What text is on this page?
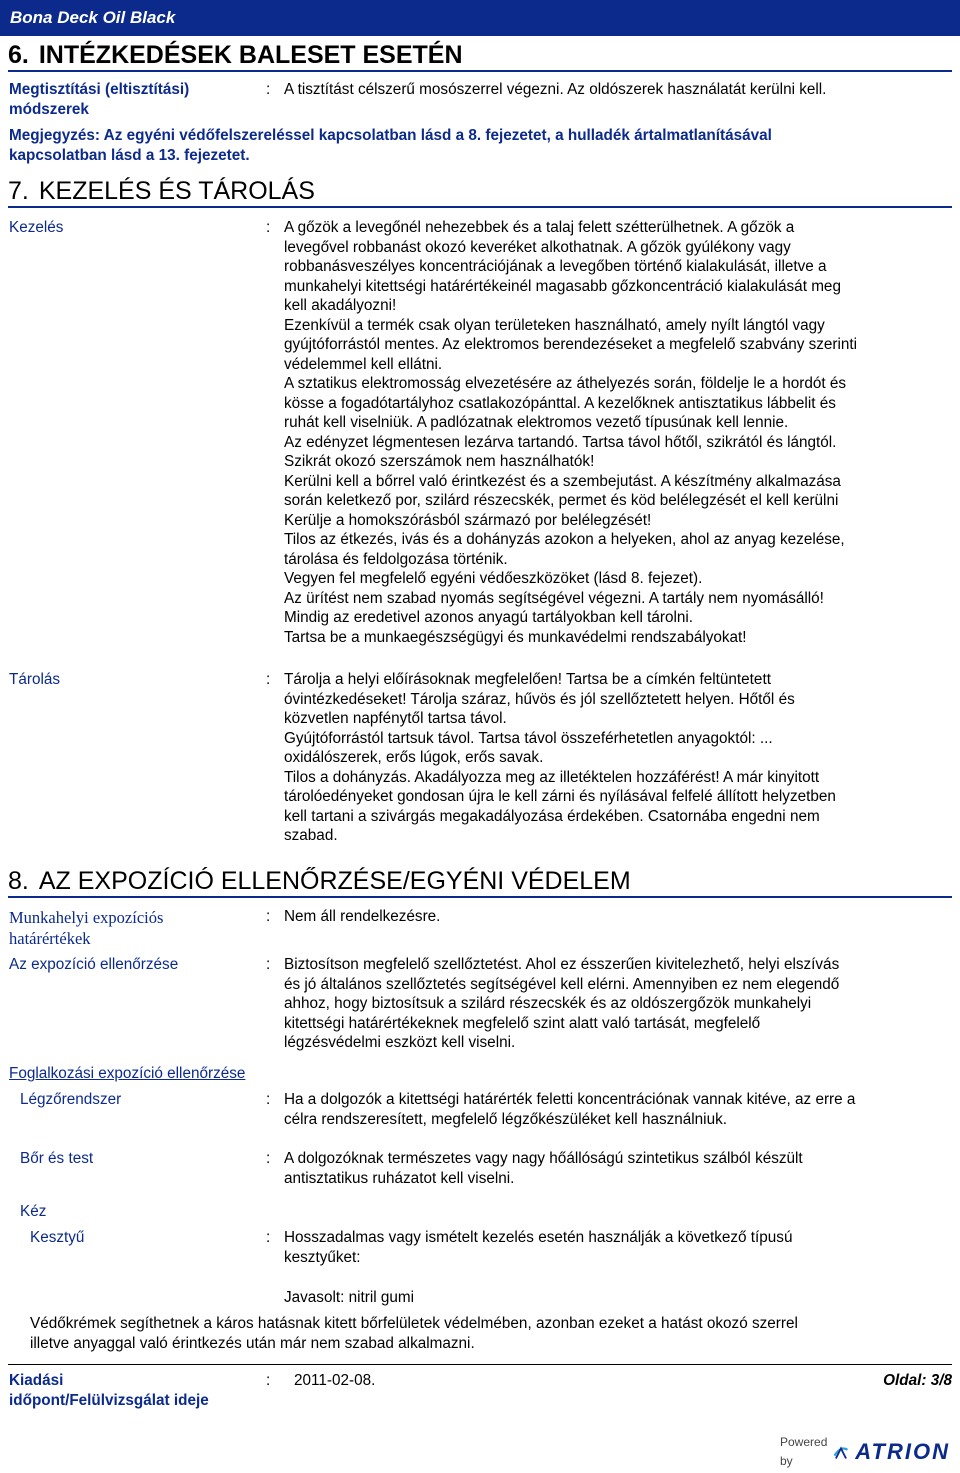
Bona Deck Oil Black
6. INTÉZKEDÉSEK BALESET ESETÉN
Megtisztítási (eltisztítási)
módszerek
: A tisztítást célszerű mosószerrel végezni. Az oldószerek használatát kerülni kell.
Megjegyzés: Az egyéni védőfelszereléssel kapcsolatban lásd a 8. fejezetet, a hulladék ártalmatlanításával
kapcsolatban lásd a 13. fejezetet.
7. KEZELÉS ÉS TÁROLÁS
Kezelés	: A gőzök a levegőnél nehezebbek és a talaj felett szétterülhetnek. A gőzök a

levegővel robbanást okozó keveréket alkothatnak. A gőzök gyúlékony vagy

robbanásveszélyes koncentrációjának a levegőben történő kialakulását, illetve a

munkahelyi kitettségi határértékeinél magasabb gőzkoncentráció kialakulását meg

kell akadályozni!

Ezenkívül a termék csak olyan területeken használható, amely nyílt lángtól vagy

gyújtóforrástól mentes. Az elektromos berendezéseket a megfelelő szabvány szerinti

védelemmel kell ellátni.

A sztatikus elektromosság elvezetésére az áthelyezés során, földelje le a hordót és

kösse a fogadótartályhoz csatlakozópánttal. A kezelőknek antisztatikus lábbelit és

ruhát kell viselniük. A padlózatnak elektromos vezető típusúnak kell lennie.

Az edényzet légmentesen lezárva tartandó. Tartsa távol hőtől, szikrától és lángtól.

Szikrát okozó szerszámok nem használhatók!

Kerülni kell a bőrrel való érintkezést és a szembejutást. A készítmény alkalmazása

során keletkező por, szilárd részecskék, permet és köd belélegzését el kell kerülni

Kerülje a homokszórásból származó por belélegzését!

Tilos az étkezés, ivás és a dohányzás azokon a helyeken, ahol az anyag kezelése,

tárolása és feldolgozása történik.

Vegyen fel megfelelő egyéni védőeszközöket (lásd 8. fejezet).

Az ürítést nem szabad nyomás segítségével végezni. A tartály nem nyomásálló!

Mindig az eredetivel azonos anyagú tartályokban kell tárolni.

Tartsa be a munkaegészségügyi és munkavédelmi rendszabályokat!

Tárolás	: Tárolja a helyi előírásoknak megfelelően! Tartsa be a címkén feltüntetett

óvintézkedéseket! Tárolja száraz, hűvös és jól szellőztetett helyen. Hőtől és

közvetlen napfénytől tartsa távol.

Gyújtóforrástól tartsuk távol. Tartsa távol összeférhetetlen anyagoktól: ...

oxidálószerek, erős lúgok, erős savak.

Tilos a dohányzás. Akadályozza meg az illetéktelen hozzáférést! A már kinyitott

tárolóedényeket gondosan újra le kell zárni és nyílásával felfelé állított helyzetben

kell tartani a szivárgás megakadályozása érdekében. Csatornába engedni nem

szabad.

8. AZ EXPOZÍCIÓ ELLENŐRZÉSE/EGYÉNI VÉDELEM
Munkahelyi expozíciós
határértékek
: Nem áll rendelkezésre.
Az expozíció ellenőrzése	: Biztosítson megfelelő szellőztetést. Ahol ez ésszerűen kivitelezhető, helyi elszívás

és jó általános szellőztetés segítségével kell elérni. Amennyiben ez nem elegendő

ahhoz, hogy biztosítsuk a szilárd részecskék és az oldószergőzök munkahelyi

kitettségi határértékeknek megfelelő szint alatt való tartását, megfelelő

légzésvédelmi eszközt kell viselni.

Foglalkozási expozíció ellenőrzése
Légzőrendszer	: Ha a dolgozók a kitettségi határérték feletti koncentrációnak vannak kitéve, az erre a

célra rendszeresített, megfelelő légzőkészüléket kell használniuk.

Bőr és test	: A dolgozóknak természetes vagy nagy hőállóságú szintetikus szálból készült

antisztatikus ruházatot kell viselni.

Kéz
Kesztyű	: Hosszadalmas vagy ismételt kezelés esetén használják a következő típusú

kesztyűket:

Javasolt: nitril gumi
Védőkrémek segíthetnek a káros hatásnak kitett bőrfelületek védelmében, azonban ezeket a hatást okozó szerrel
illetve anyaggal való érintkezés után már nem szabad alkalmazni.
Kiadási
időpont/Felülvizsgálat ideje
: 2011-02-08.	Oldal: 3/8
Powered by	ATRION
